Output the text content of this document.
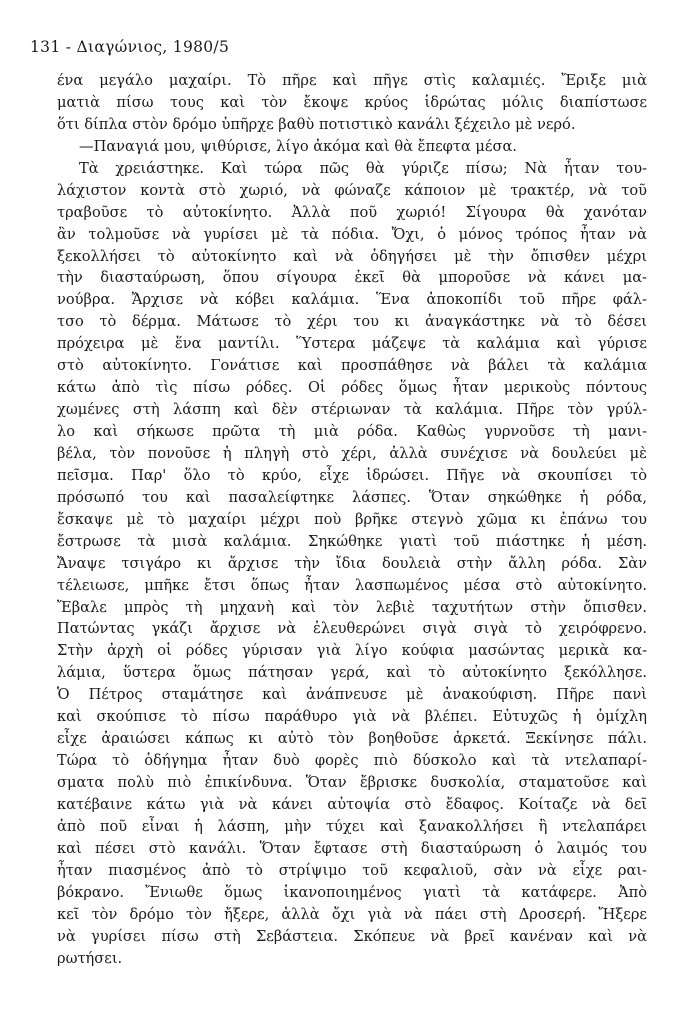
131 - Διαγώνιος, 1980/5
ένα μεγάλο μαχαίρι. Τὸ πῆρε καὶ πῆγε στὶς καλαμιές. Ἔριξε μιὰ
ματιὰ πίσω τους καὶ τὸν ἔκοψε κρύος ἱδρώτας μόλις διαπίστωσε
ὅτι δίπλα στὸν δρόμο ὑπῆρχε βαθὺ ποτιστικὸ κανάλι ξέχειλο μὲ νερό.
—Παναγιά μου, ψιθύρισε, λίγο ἀκόμα καὶ θὰ ἔπεφτα μέσα.
Τὰ χρειάστηκε. Καὶ τώρα πῶς θὰ γύριζε πίσω; Νὰ ἦταν του-
λάχιστον κοντὰ στὸ χωριό, νὰ φώναζε κάποιον μὲ τρακτέρ, νὰ τοῦ
τραβοῦσε τὸ αὐτοκίνητο. Ἀλλὰ ποῦ χωριό! Σίγουρα θὰ χανόταν
ἂν τολμοῦσε νὰ γυρίσει μὲ τὰ πόδια. Ὄχι, ὁ μόνος τρόπος ἦταν νὰ
ξεκολλήσει τὸ αὐτοκίνητο καὶ νὰ ὁδηγήσει μὲ τὴν ὄπισθεν μέχρι
τὴν διασταύρωση, ὅπου σίγουρα ἐκεῖ θὰ μποροῦσε νὰ κάνει μα-
νούβρα. Ἄρχισε νὰ κόβει καλάμια. Ἕνα ἀποκοπίδι τοῦ πῆρε φάλ-
τσο τὸ δέρμα. Μάτωσε τὸ χέρι του κι ἀναγκάστηκε νὰ τὸ δέσει
πρόχειρα μὲ ἕνα μαντίλι. Ὕστερα μάζεψε τὰ καλάμια καὶ γύρισε
στὸ αὐτοκίνητο. Γονάτισε καὶ προσπάθησε νὰ βάλει τὰ καλάμια
κάτω ἀπὸ τὶς πίσω ρόδες. Οἱ ρόδες ὅμως ἦταν μερικοὺς πόντους
χωμένες στὴ λάσπη καὶ δὲν στέριωναν τὰ καλάμια. Πῆρε τὸν γρύλ-
λο καὶ σήκωσε πρῶτα τὴ μιὰ ρόδα. Καθὼς γυρνοῦσε τὴ μανι-
βέλα, τὸν πονοῦσε ἡ πληγὴ στὸ χέρι, ἀλλὰ συνέχισε νὰ δουλεύει μὲ
πεῖσμα. Παρ' ὅλο τὸ κρύο, εἶχε ἱδρώσει. Πῆγε νὰ σκουπίσει τὸ
πρόσωπό του καὶ πασαλείφτηκε λάσπες. Ὅταν σηκώθηκε ἡ ρόδα,
ἔσκαψε μὲ τὸ μαχαίρι μέχρι ποὺ βρῆκε στεγνὸ χῶμα κι ἐπάνω του
ἔστρωσε τὰ μισὰ καλάμια. Σηκώθηκε γιατὶ τοῦ πιάστηκε ἡ μέση.
Ἄναψε τσιγάρο κι ἄρχισε τὴν ἴδια δουλειὰ στὴν ἄλλη ρόδα. Σὰν
τέλειωσε, μπῆκε ἔτσι ὅπως ἦταν λασπωμένος μέσα στὸ αὐτοκίνητο.
Ἔβαλε μπρὸς τὴ μηχανὴ καὶ τὸν λεβιὲ ταχυτήτων στὴν ὄπισθεν.
Πατώντας γκάζι ἄρχισε νὰ ἐλευθερώνει σιγὰ σιγὰ τὸ χειρόφρενο.
Στὴν ἀρχὴ οἱ ρόδες γύρισαν γιὰ λίγο κούφια μασώντας μερικὰ κα-
λάμια, ὕστερα ὅμως πάτησαν γερά, καὶ τὸ αὐτοκίνητο ξεκόλλησε.
Ὁ Πέτρος σταμάτησε καὶ ἀνάπνευσε μὲ ἀνακούφιση. Πῆρε πανὶ
καὶ σκούπισε τὸ πίσω παράθυρο γιὰ νὰ βλέπει. Εὐτυχῶς ἡ ὁμίχλη
εἶχε ἀραιώσει κάπως κι αὐτὸ τὸν βοηθοῦσε ἀρκετά. Ξεκίνησε πάλι.
Τώρα τὸ ὁδήγημα ἦταν δυὸ φορὲς πιὸ δύσκολο καὶ τὰ ντελαπαρί-
σματα πολὺ πιὸ ἐπικίνδυνα. Ὅταν ἔβρισκε δυσκολία, σταματοῦσε καὶ
κατέβαινε κάτω γιὰ νὰ κάνει αὐτοψία στὸ ἔδαφος. Κοίταζε νὰ δεῖ
ἀπὸ ποῦ εἶναι ἡ λάσπη, μὴν τύχει καὶ ξανακολλήσει ἢ ντελαπάρει
καὶ πέσει στὸ κανάλι. Ὅταν ἔφτασε στὴ διασταύρωση ὁ λαιμός του
ἦταν πιασμένος ἀπὸ τὸ στρίψιμο τοῦ κεφαλιοῦ, σὰν νὰ εἶχε ραι-
βόκρανο. Ἔνιωθε ὅμως ἱκανοποιημένος γιατὶ τὰ κατάφερε. Ἀπὸ
κεῖ τὸν δρόμο τὸν ἤξερε, ἀλλὰ ὄχι γιὰ νὰ πάει στὴ Δροσερή. Ἤξερε
νὰ γυρίσει πίσω στὴ Σεβάστεια. Σκόπευε νὰ βρεῖ κανέναν καὶ νὰ
ρωτήσει.
